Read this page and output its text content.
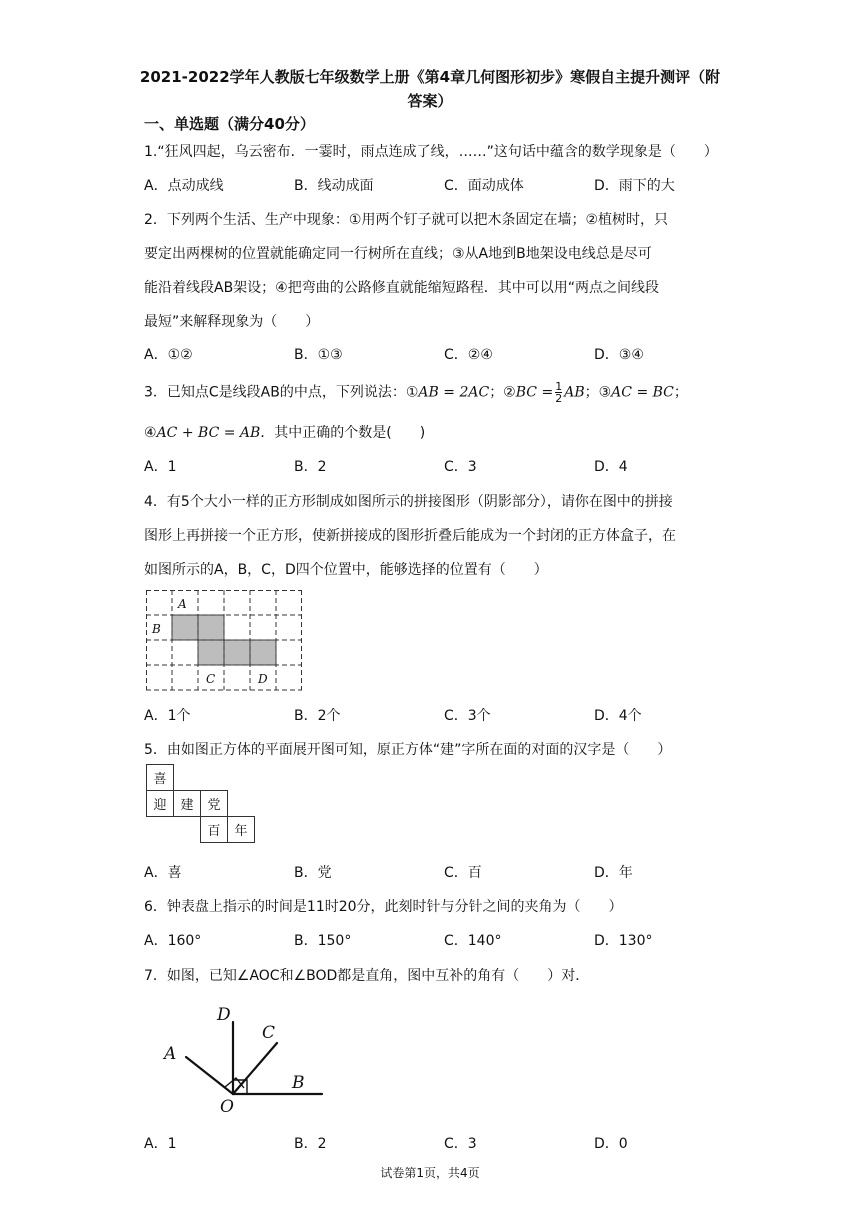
2021-2022学年人教版七年级数学上册《第4章几何图形初步》寒假自主提升测评（附
答案）
一、单选题（满分40分）
1.“狂风四起，乌云密布．一霎时，雨点连成了线，……”这句话中蕴含的数学现象是（　　）
A．点动成线	B．线动成面	C．面动成体	D．雨下的大
2．下列两个生活、生产中现象：①用两个钉子就可以把木条固定在墙；②植树时，只
要定出两棵树的位置就能确定同一行树所在直线；③从A地到B地架设电线总是尽可
能沿着线段AB架设；④把弯曲的公路修直就能缩短路程．其中可以用“两点之间线段
最短”来解释现象为（　　）
A．①②	B．①③	C．②④	D．③④
3．已知点C是线段AB的中点，下列说法：①AB = 2AC；②BC = $\frac{1}{2}$ AB；③AC = BC；
④AC + BC = AB．其中正确的个数是(　　)
A．1	B．2	C．3	D．4
4．有5个大小一样的正方形制成如图所示的拼接图形（阴影部分），请你在图中的拼接
图形上再拼接一个正方形，使新拼接成的图形折叠后能成为一个封闭的正方体盒子，在
如图所示的A，B，C，D四个位置中，能够选择的位置有（　　）
A
B
C	D
A．1个	B．2个	C．3个	D．4个
5．由如图正方体的平面展开图可知，原正方体“建”字所在面的对面的汉字是（　　）
喜			
迎	建	党	
		百	年
A．喜	B．党	C．百	D．年
6．钟表盘上指示的时间是11时20分，此刻时针与分针之间的夹角为（　　）
A．160°	B．150°	C．140°	D．130°
7．如图，已知∠AOC和∠BOD都是直角，图中互补的角有（　　）对．
D
C
A
B
O
A．1	B．2	C．3	D．0
试卷第1页，共4页
